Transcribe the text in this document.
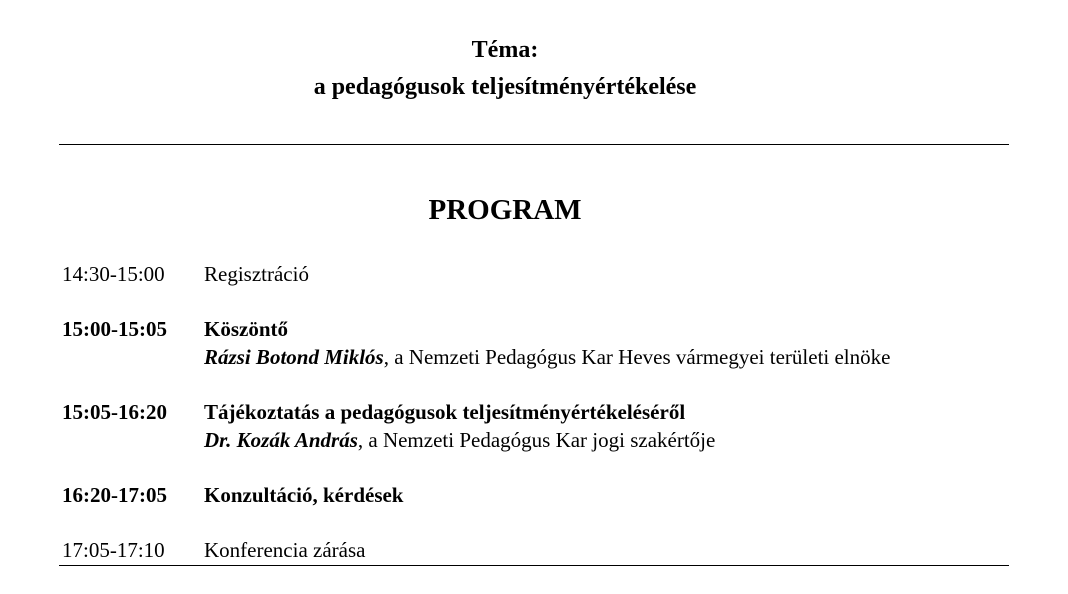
Téma:
a pedagógusok teljesítményértékelése
PROGRAM
14:30-15:00 Regisztráció
15:00-15:05 Köszöntő
Rázsi Botond Miklós, a Nemzeti Pedagógus Kar Heves vármegyei területi elnöke
15:05-16:20 Tájékoztatás a pedagógusok teljesítményértékeléséről
Dr. Kozák András, a Nemzeti Pedagógus Kar jogi szakértője
16:20-17:05 Konzultáció, kérdések
17:05-17:10 Konferencia zárása
